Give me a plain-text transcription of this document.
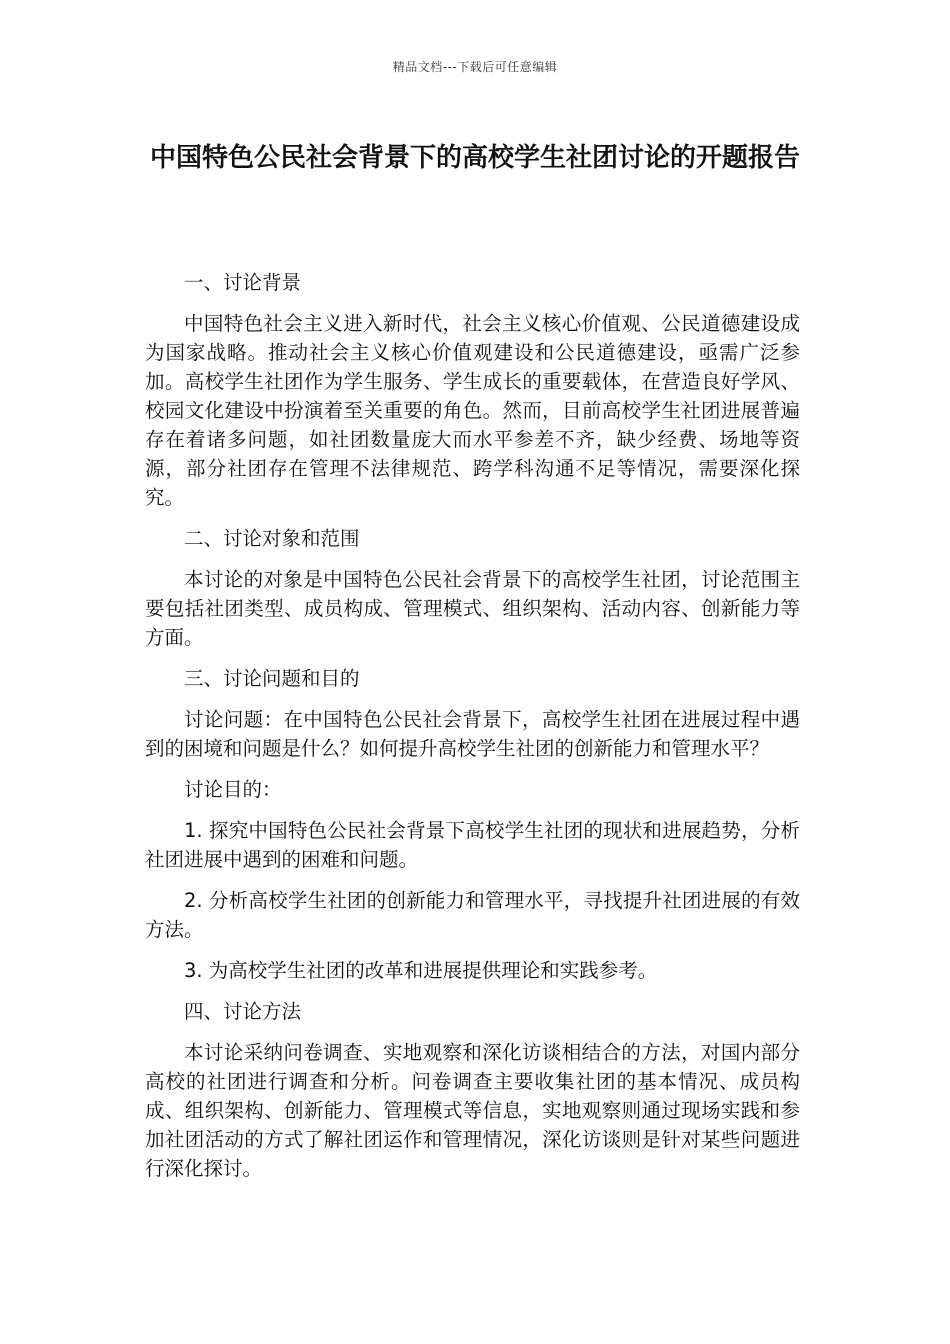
精品文档---下载后可任意编辑
中国特色公民社会背景下的高校学生社团讨论的开题报告

一、讨论背景

中国特色社会主义进入新时代，社会主义核心价值观、公民道德建设成为国家战略。推动社会主义核心价值观建设和公民道德建设，亟需广泛参加。高校学生社团作为学生服务、学生成长的重要载体，在营造良好学风、校园文化建设中扮演着至关重要的角色。然而，目前高校学生社团进展普遍存在着诸多问题，如社团数量庞大而水平参差不齐，缺少经费、场地等资源，部分社团存在管理不法律规范、跨学科沟通不足等情况，需要深化探究。

二、讨论对象和范围

本讨论的对象是中国特色公民社会背景下的高校学生社团，讨论范围主要包括社团类型、成员构成、管理模式、组织架构、活动内容、创新能力等方面。

三、讨论问题和目的

讨论问题：在中国特色公民社会背景下，高校学生社团在进展过程中遇到的困境和问题是什么？如何提升高校学生社团的创新能力和管理水平？

讨论目的：

1. 探究中国特色公民社会背景下高校学生社团的现状和进展趋势，分析社团进展中遇到的困难和问题。

2. 分析高校学生社团的创新能力和管理水平，寻找提升社团进展的有效方法。

3. 为高校学生社团的改革和进展提供理论和实践参考。

四、讨论方法

本讨论采纳问卷调查、实地观察和深化访谈相结合的方法，对国内部分高校的社团进行调查和分析。问卷调查主要收集社团的基本情况、成员构成、组织架构、创新能力、管理模式等信息，实地观察则通过现场实践和参加社团活动的方式了解社团运作和管理情况，深化访谈则是针对某些问题进行深化探讨。
